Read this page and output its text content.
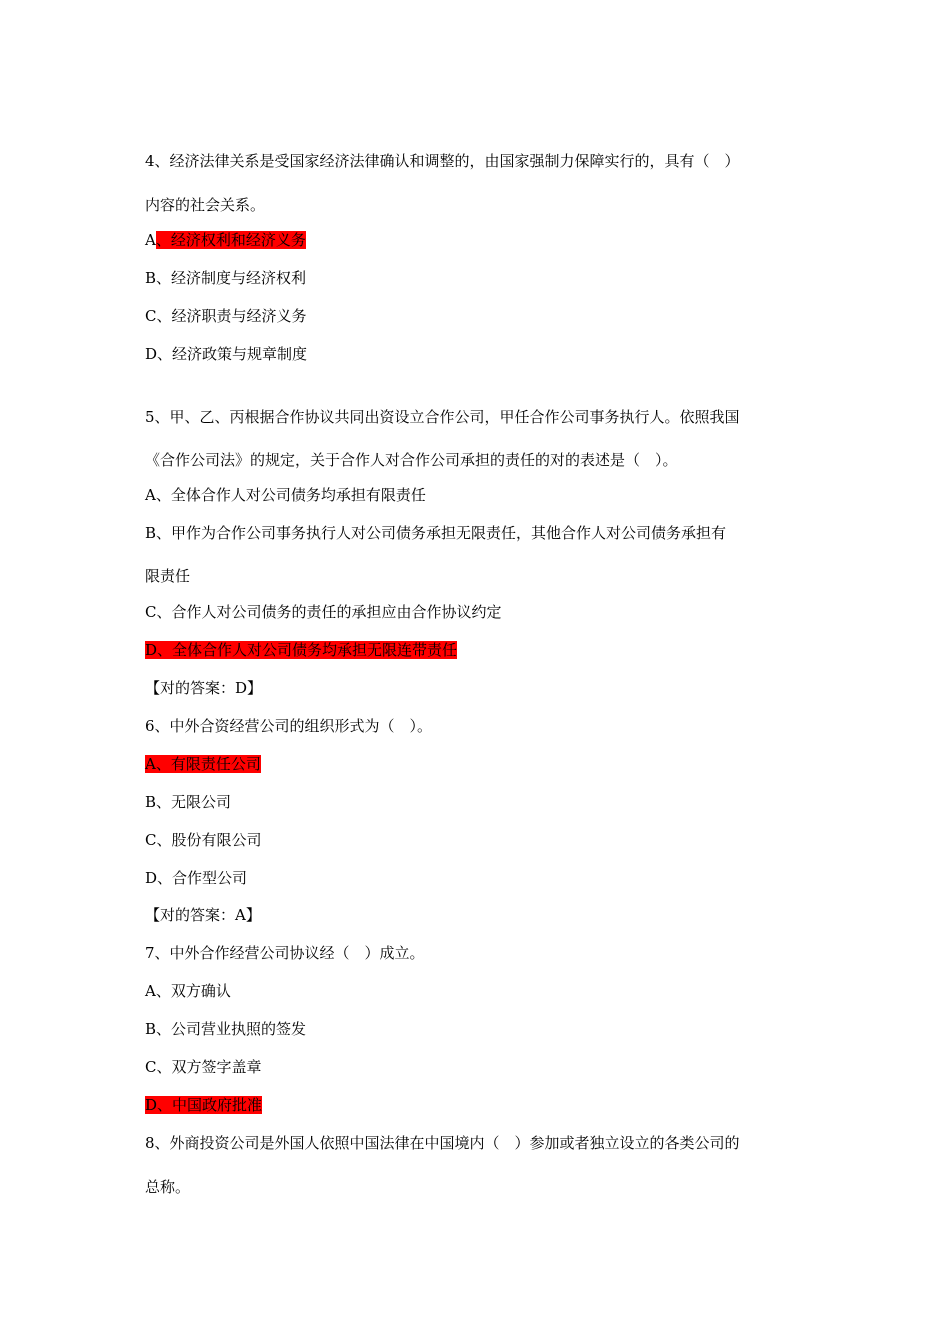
4、经济法律关系是受国家经济法律确认和调整的，由国家强制力保障实行的，具有（　）
内容的社会关系。
A、经济权利和经济义务
B、经济制度与经济权利
C、经济职责与经济义务
D、经济政策与规章制度
5、甲、乙、丙根据合作协议共同出资设立合作公司，甲任合作公司事务执行人。依照我国
《合作公司法》的规定，关于合作人对合作公司承担的责任的对的表述是（　）。
A、全体合作人对公司债务均承担有限责任
B、甲作为合作公司事务执行人对公司债务承担无限责任，其他合作人对公司债务承担有
限责任
C、合作人对公司债务的责任的承担应由合作协议约定
D、全体合作人对公司债务均承担无限连带责任
【对的答案：D】
6、中外合资经营公司的组织形式为（　）。
A、有限责任公司
B、无限公司
C、股份有限公司
D、合作型公司
【对的答案：A】
7、中外合作经营公司协议经（　）成立。
A、双方确认
B、公司营业执照的签发
C、双方签字盖章
D、中国政府批准
8、外商投资公司是外国人依照中国法律在中国境内（　）参加或者独立设立的各类公司的
总称。
